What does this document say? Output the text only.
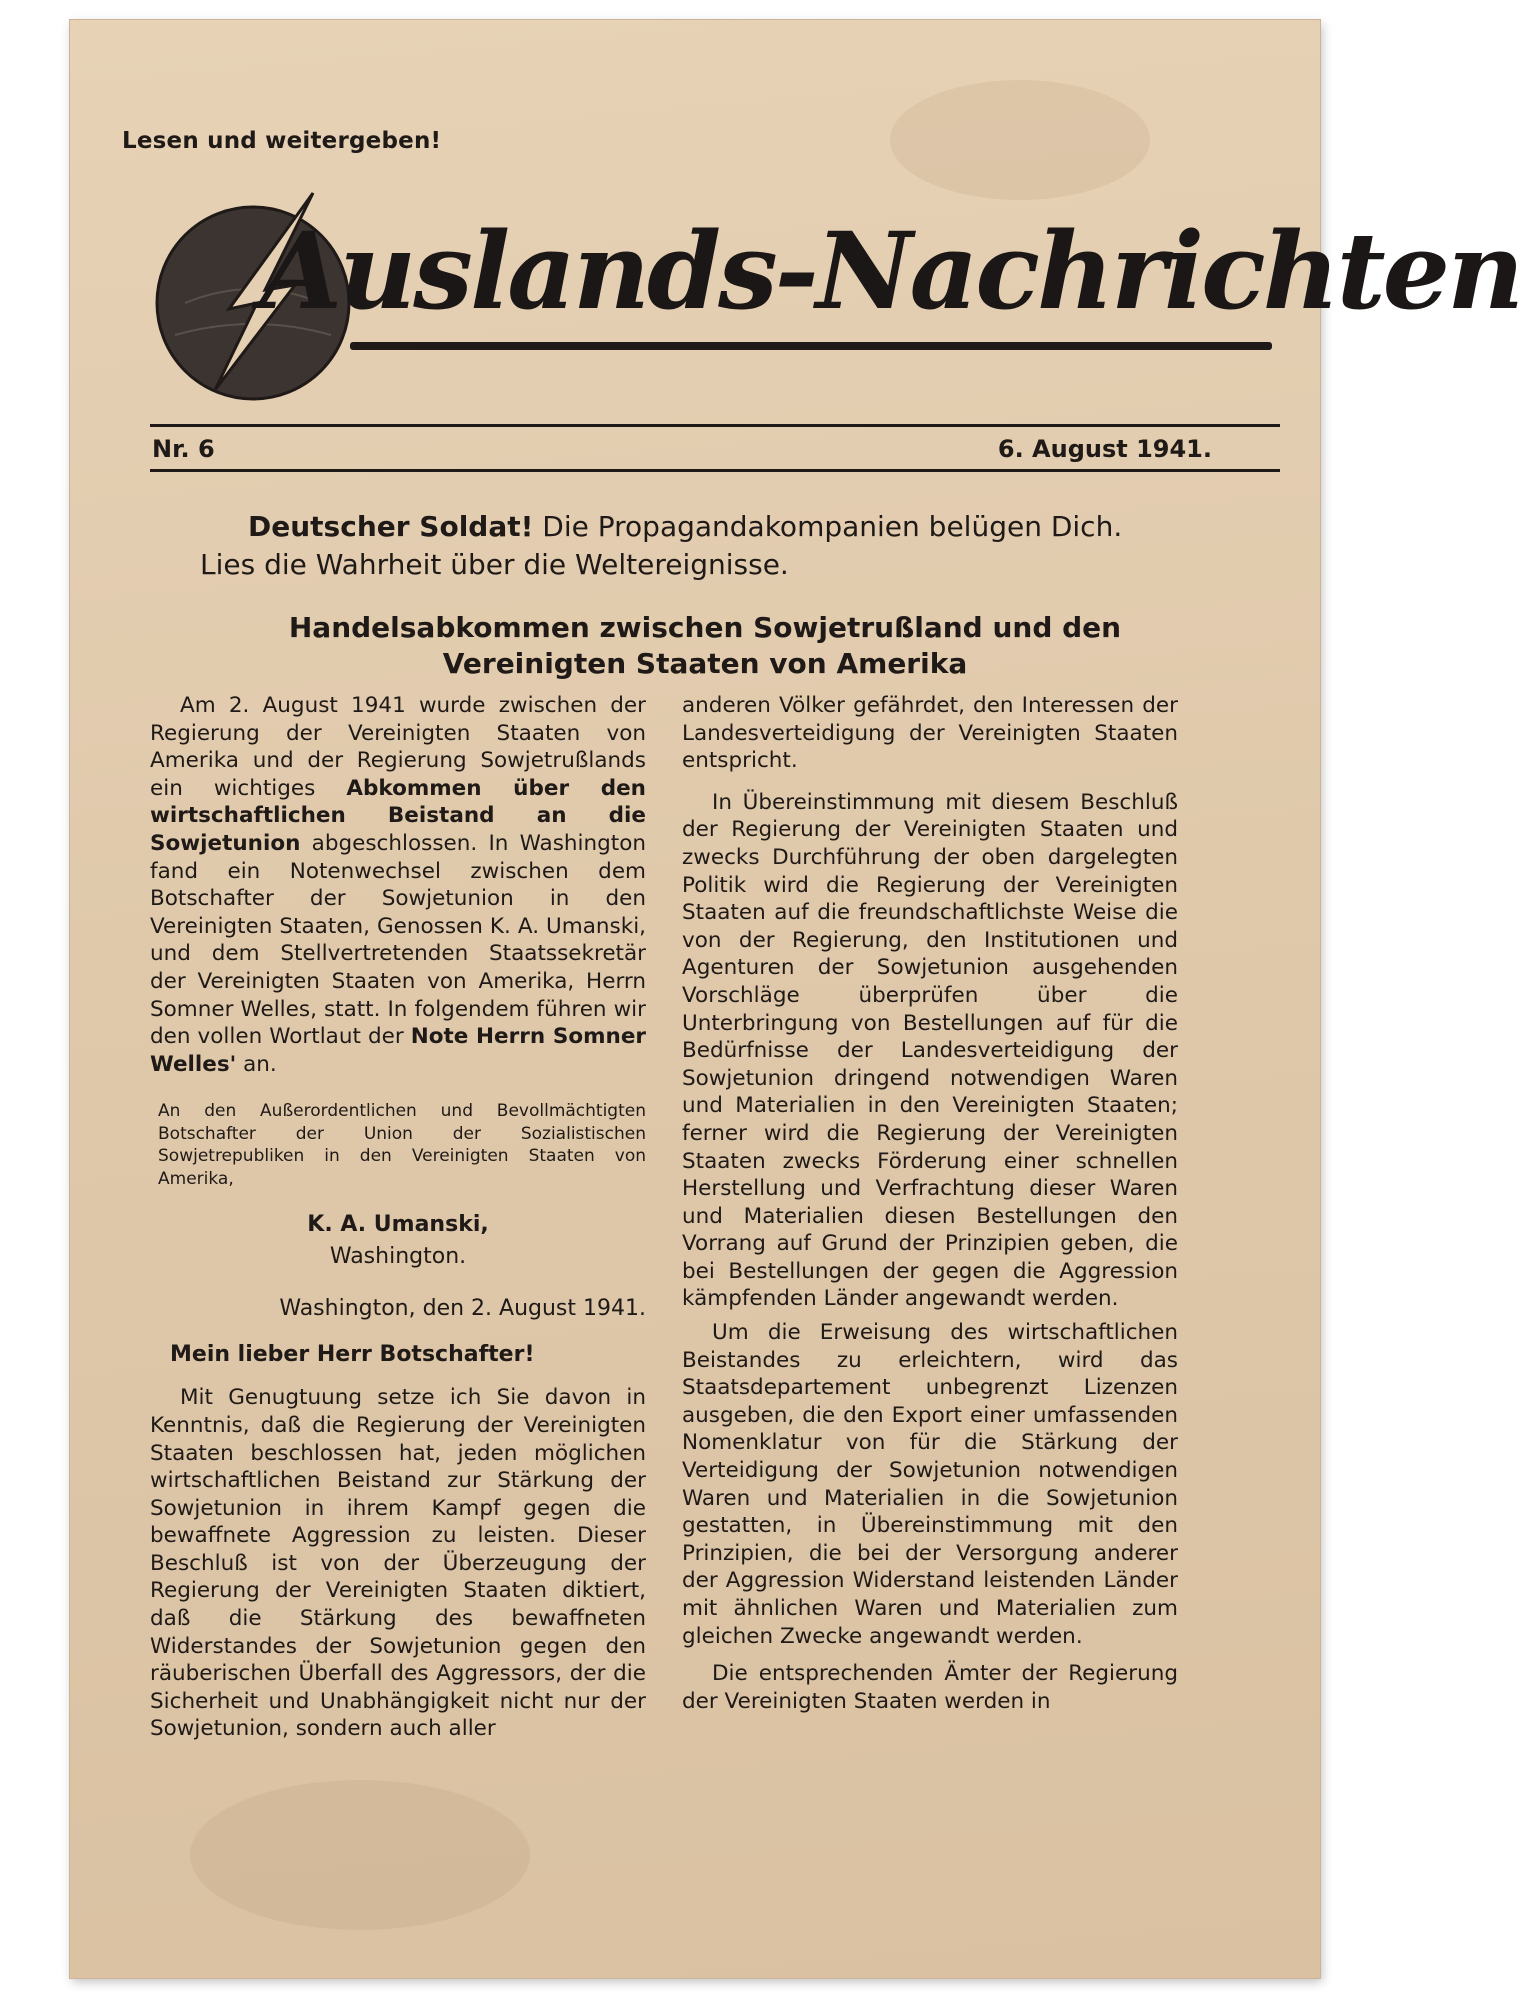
Lesen und weitergeben!
Auslands-Nachrichten
Nr. 6	6. August 1941.
Deutscher Soldat! Die Propagandakompanien belügen Dich.
Lies die Wahrheit über die Weltereignisse.
Handelsabkommen zwischen Sowjetrußland und den
Vereinigten Staaten von Amerika

Am 2. August 1941 wurde zwischen der Regierung der Vereinigten Staaten von Amerika und der Regierung Sowjetrußlands ein wichtiges Abkommen über den wirtschaftlichen Beistand an die Sowjetunion abgeschlossen. In Washington fand ein Notenwechsel zwischen dem Botschafter der Sowjetunion in den Vereinigten Staaten, Genossen K. A. Umanski, und dem Stellvertretenden Staatssekretär der Vereinigten Staaten von Amerika, Herrn Somner Welles, statt. In folgendem führen wir den vollen Wortlaut der Note Herrn Somner Welles' an.

An den Außerordentlichen und Bevollmächtigten Botschafter der Union der Sozialistischen Sowjetrepubliken in den Vereinigten Staaten von Amerika,

K. A. Umanski,
Washington.
Washington, den 2. August 1941.
Mein lieber Herr Botschafter!

Mit Genugtuung setze ich Sie davon in Kenntnis, daß die Regierung der Vereinigten Staaten beschlossen hat, jeden möglichen wirtschaftlichen Beistand zur Stärkung der Sowjetunion in ihrem Kampf gegen die bewaffnete Aggression zu leisten. Dieser Beschluß ist von der Überzeugung der Regierung der Vereinigten Staaten diktiert, daß die Stärkung des bewaffneten Widerstandes der Sowjetunion gegen den räuberischen Überfall des Aggressors, der die Sicherheit und Unabhängigkeit nicht nur der Sowjetunion, sondern auch aller

anderen Völker gefährdet, den Interessen der Landesverteidigung der Vereinigten Staaten entspricht.

In Übereinstimmung mit diesem Beschluß der Regierung der Vereinigten Staaten und zwecks Durchführung der oben dargelegten Politik wird die Regierung der Vereinigten Staaten auf die freundschaftlichste Weise die von der Regierung, den Institutionen und Agenturen der Sowjetunion ausgehenden Vorschläge überprüfen über die Unterbringung von Bestellungen auf für die Bedürfnisse der Landesverteidigung der Sowjetunion dringend notwendigen Waren und Materialien in den Vereinigten Staaten; ferner wird die Regierung der Vereinigten Staaten zwecks Förderung einer schnellen Herstellung und Verfrachtung dieser Waren und Materialien diesen Bestellungen den Vorrang auf Grund der Prinzipien geben, die bei Bestellungen der gegen die Aggression kämpfenden Länder angewandt werden.

Um die Erweisung des wirtschaftlichen Beistandes zu erleichtern, wird das Staatsdepartement unbegrenzt Lizenzen ausgeben, die den Export einer umfassenden Nomenklatur von für die Stärkung der Verteidigung der Sowjetunion notwendigen Waren und Materialien in die Sowjetunion gestatten, in Übereinstimmung mit den Prinzipien, die bei der Versorgung anderer der Aggression Widerstand leistenden Länder mit ähnlichen Waren und Materialien zum gleichen Zwecke angewandt werden.

Die entsprechenden Ämter der Regierung der Vereinigten Staaten werden in
